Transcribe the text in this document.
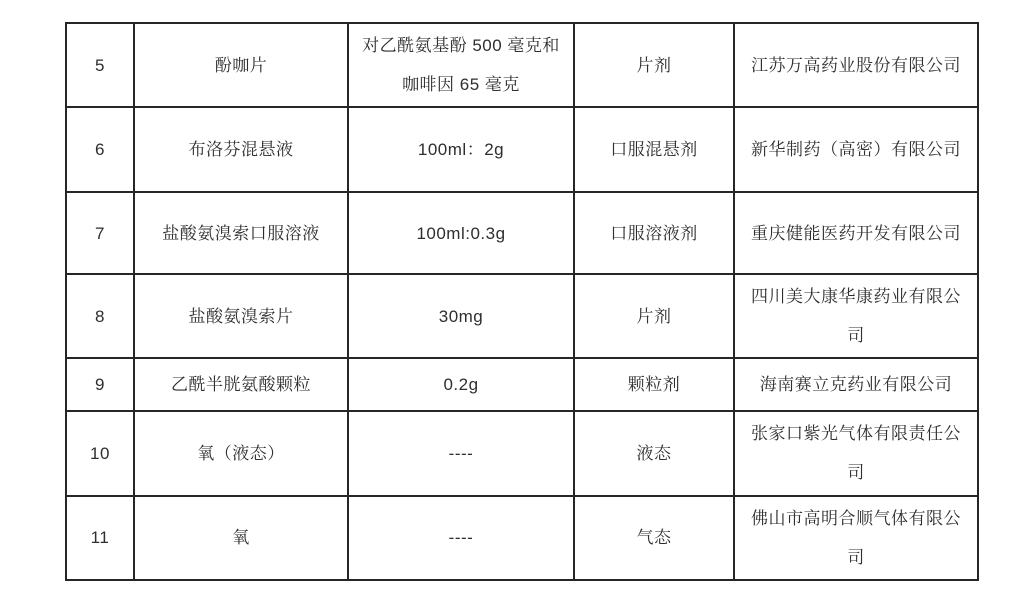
5	酚咖片	对乙酰氨基酚 500 毫克和咖啡因 65 毫克	片剂	江苏万高药业股份有限公司
6	布洛芬混悬液	100ml：2g	口服混悬剂	新华制药（高密）有限公司
7	盐酸氨溴索口服溶液	100ml:0.3g	口服溶液剂	重庆健能医药开发有限公司
8	盐酸氨溴索片	30mg	片剂	四川美大康华康药业有限公司
9	乙酰半胱氨酸颗粒	0.2g	颗粒剂	海南赛立克药业有限公司
10	氧（液态）	----	液态	张家口紫光气体有限责任公司
11	氧	----	气态	佛山市高明合顺气体有限公司
